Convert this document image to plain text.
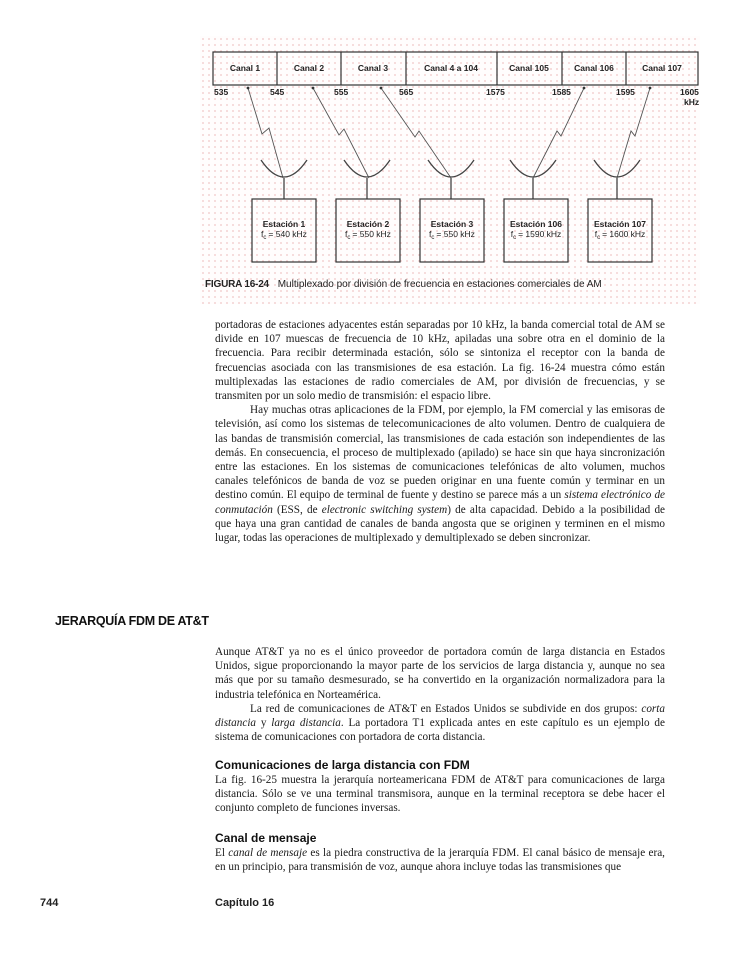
Canal 1	Canal 2	Canal 3	Canal 4 a 104	Canal 105	Canal 106	Canal 107
535	545	555	565	1575	1585	1595	1605
kHz
Estación 1
$f_c = 540$ kHz
Estación 2
$f_c = 550$ kHz
Estación 3
$f_c = 550$ kHz
Estación 106
$f_c = 1590$ kHz
Estación 107
$f_c = 1600$ kHz
FIGURA 16-24 Multiplexado por división de frecuencia en estaciones comerciales de AM

portadoras de estaciones adyacentes están separadas por 10 kHz, la banda comercial total de AM se divide en 107 muescas de frecuencia de 10 kHz, apiladas una sobre otra en el dominio de la frecuencia. Para recibir determinada estación, sólo se sintoniza el receptor con la banda de frecuencias asociada con las transmisiones de esa estación. La fig. 16-24 muestra cómo están multiplexadas las estaciones de radio comerciales de AM, por división de frecuencias, y se transmiten por un solo medio de transmisión: el espacio libre.

Hay muchas otras aplicaciones de la FDM, por ejemplo, la FM comercial y las emisoras de televisión, así como los sistemas de telecomunicaciones de alto volumen. Dentro de cualquiera de las bandas de transmisión comercial, las transmisiones de cada estación son independientes de las demás. En consecuencia, el proceso de multiplexado (apilado) se hace sin que haya sincronización entre las estaciones. En los sistemas de comunicaciones telefónicas de alto volumen, muchos canales telefónicos de banda de voz se pueden originar en una fuente común y terminar en un destino común. El equipo de terminal de fuente y destino se parece más a un sistema electrónico de conmutación (ESS, de electronic switching system) de alta capacidad. Debido a la posibilidad de que haya una gran cantidad de canales de banda angosta que se originen y terminen en el mismo lugar, todas las operaciones de multiplexado y demultiplexado se deben sincronizar.

JERARQUÍA FDM DE AT&T

Aunque AT&T ya no es el único proveedor de portadora común de larga distancia en Estados Unidos, sigue proporcionando la mayor parte de los servicios de larga distancia y, aunque no sea más que por su tamaño desmesurado, se ha convertido en la organización normalizadora para la industria telefónica en Norteamérica.

La red de comunicaciones de AT&T en Estados Unidos se subdivide en dos grupos: corta distancia y larga distancia. La portadora T1 explicada antes en este capítulo es un ejemplo de sistema de comunicaciones con portadora de corta distancia.

Comunicaciones de larga distancia con FDM

La fig. 16-25 muestra la jerarquía norteamericana FDM de AT&T para comunicaciones de larga distancia. Sólo se ve una terminal transmisora, aunque en la terminal receptora se debe hacer el conjunto completo de funciones inversas.

Canal de mensaje

El canal de mensaje es la piedra constructiva de la jerarquía FDM. El canal básico de mensaje era, en un principio, para transmisión de voz, aunque ahora incluye todas las transmisiones que

744	Capítulo 16
